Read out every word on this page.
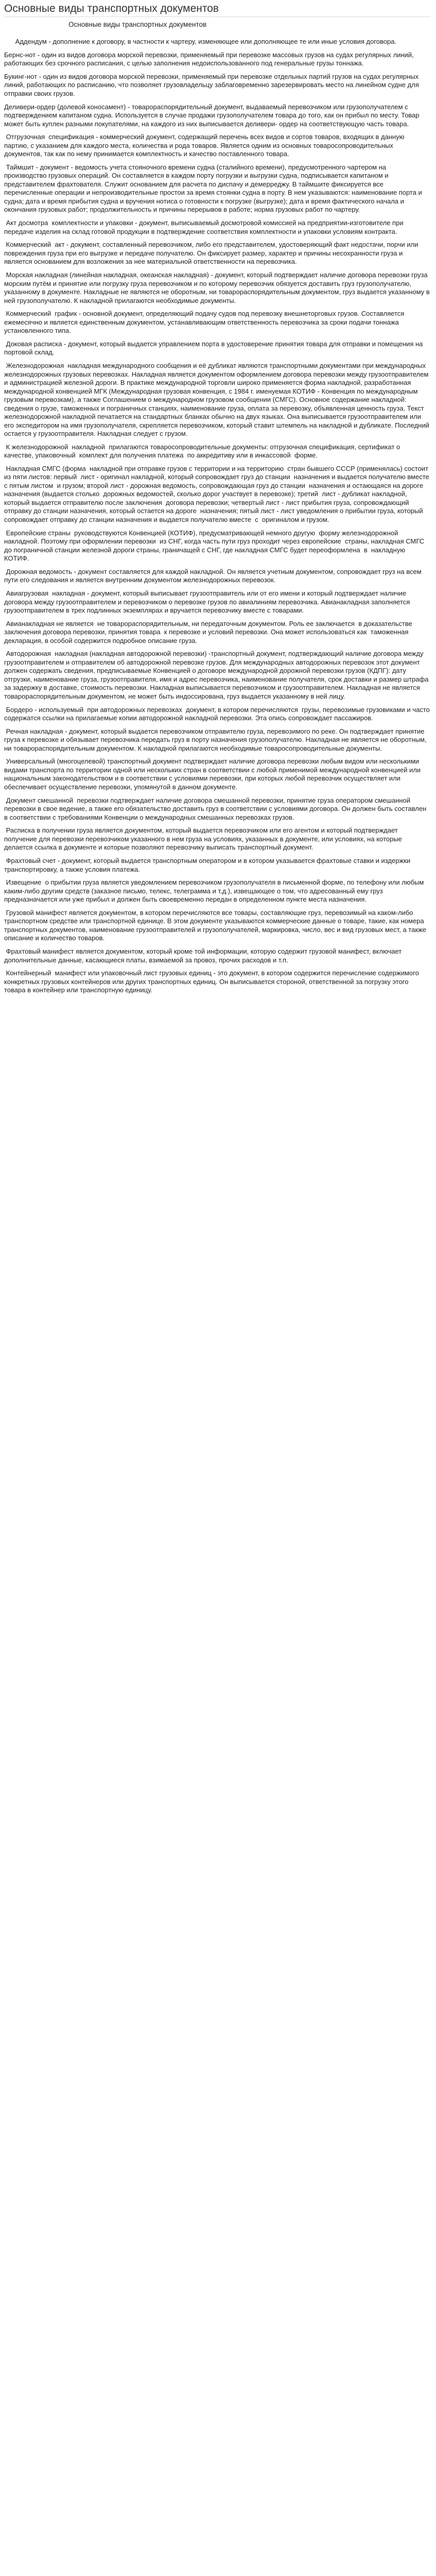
Основные виды транспортных документов
Основные виды транспортных документов

Аддендум - дополнение к договору, в частности к чартеру, изменяющее или дополняющее те или иные условия договора.

Бернс-нот - один из видов договора морской перевозки, применяемый при перевозке массовых грузов на судах регулярных линий, работающих без срочного расписания, с целью заполнения недоиспользованного под генеральные грузы тоннажа.

Букинг-нот - один из видов договора морской перевозки, применяемый при перевозке отдельных партий грузов на судах регулярных линий, работающих по расписанию, что позволяет грузовладельцу заблаговременно зарезервировать место на линейном судне для отправки своих грузов.

Деливери-ордер (долевой коносамент) - товарораспорядительный документ, выдаваемый перевозчиком или грузополучателем с подтверждением капитаном судна. Используется в случае продажи грузополучателем товара до того, как он прибыл по месту. Товар может быть куплен разными покупателями, на каждого из них выписывается деливери- ордер на соответствующую часть товара.

Отгрузочная  спецификация - коммерческий документ, содержащий перечень всех видов и сортов товаров, входящих в данную партию, с указанием для каждого места, количества и рода товаров. Является одним из основных товаросопроводительных документов, так как по нему принимается комплектность и качество поставленного товара.

Таймшит - документ - ведомость учета стояночного времени судна (сталийного времени), предусмотренного чартером на производство грузовых операций. Он составляется в каждом порту погрузки и выгрузки судна, подписывается капитаном и представителем фрахтователя. Служит основанием для расчета по диспачу и демерреджу. В таймшите фиксируется все перечисленные операции и непроизводительные простои за время стоянки судна в порту. В нем указываются: наименование порта и судна; дата и время прибытия судна и вручения нотиса о готовности к погрузке (выгрузке); дата и время фактического начала и окончания грузовых работ; продолжительность и причины перерывов в работе; норма грузовых работ по чартеру.

Акт досмотра  комплектности и упаковки - документ, выписываемый досмотровой комиссией на предприятии-изготовителе при передаче изделия на склад готовой продукции в подтверждение соответствия комплектности и упаковки условиям контракта.

Коммерческий  акт - документ, составленный перевозчиком, либо его представителем, удостоверяющий факт недостачи, порчи или повреждения груза при его выгрузке и передаче получателю. Он фиксирует размер, характер и причины несохранности груза и является основанием для возложения за нее материальной ответственности на перевозчика.

Морская накладная (линейная накладная, океанская накладная) - документ, который подтверждает наличие договора перевозки груза морским путём и принятие или погрузку груза перевозчиком и по которому перевозчик обязуется доставить груз грузополучателю, указанному в документе. Накладные не являются не оборотным, ни товарораспорядительным документом, груз выдается указанному в ней грузополучателю. К накладной прилагаются необходимые документы.

Коммерческий  график - основной документ, определяющий подачу судов под перевозку внешнеторговых грузов. Составляется ежемесячно и является единственным документом, устанавливающим ответственность перевозчика за сроки подачи тоннажа установленного типа.

Доковая расписка - документ, который выдается управлением порта в удостоверение принятия товара для отправки и помещения на портовой склад.

Железнодорожная  накладная международного сообщения и её дубликат являются транспортными документами при международных железнодорожных грузовых перевозках. Накладная является документом оформлением договора перевозки между грузоотправителем и администрацией железной дороги. В практике международной торговли широко применяется форма накладной, разработанная международной конвенцией МГК (Международная грузовая конвенция, с 1984 г. именуемая КОТИФ - Конвенция по международным грузовым перевозкам), а также Соглашением о международном грузовом сообщении (СМГС). Основное содержание накладной: сведения о грузе, таможенных и пограничных станциях, наименование груза, оплата за перевозку, объявленная ценность груза. Текст железнодорожной накладной печатается на стандартных бланках обычно на двух языках. Она выписывается грузоотправителем или его экспедитором на имя грузополучателя, скрепляется перевозчиком, который ставит штемпель на накладной и дубликате. Последний остается у грузоотправителя. Накладная следует с грузом.

К железнодорожной  накладной  прилагаются товаросопроводительные документы: отгрузочная спецификация, сертификат о качестве, упаковочный  комплект для получения платежа  по аккредитиву или в инкассовой  форме.

Накладная СМГС (форма  накладной при отправке грузов с территории и на территорию  стран бывшего СССР (применялась) состоит из пяти листов: первый  лист - оригинал накладной, который сопровождает груз до станции  назначения и выдается получателю вместе с пятым листом  и грузом; второй лист - дорожная ведомость, сопровождающая груз до станции  назначения и остающаяся на дороге назначения (выдается столько  дорожных ведомостей, сколько дорог участвует в перевозке); третий  лист - дубликат накладной, который выдается отправителю после заключения  договора перевозки; четвертый лист - лист прибытия груза, сопровождающий отправку до станции назначения, который остается на дороге  назначения; пятый лист - лист уведомления о прибытии груза, который  сопровождает отправку до станции назначения и выдается получателю вместе  с  оригиналом и грузом.

Европейские страны  руководствуются Конвенцией (КОТИФ), предусматривающей немного другую  форму железнодорожной накладной. Поэтому при оформлении перевозки  из СНГ, когда часть пути груз проходит через европейские  страны, накладная СМГС до пограничной станции железной дороги страны, граничащей с СНГ, где накладная СМГС будет переоформлена  в  накладную КОТИФ.

Дорожная ведомость - документ составляется для каждой накладной. Он является учетным документом, сопровождает груз на всем пути его следования и является внутренним документом железнодорожных перевозок.

Авиагрузовая  накладная - документ, который выписывает грузоотправитель или от его имени и который подтверждает наличие договора между грузоотправителем и перевозчиком о перевозке грузов по авиалиниям перевозчика. Авианакладная заполняется грузоотправителем в трех подлинных экземплярах и вручается перевозчику вместе с товарами.

Авианакладная не является  не товарораспорядительным, ни передаточным документом. Роль ее заключается  в доказательстве заключения договора перевозки, принятия товара  к перевозке и условий перевозки. Она может использоваться как  таможенная декларация, в особой содержится подробное описание груза.

Автодорожная  накладная (накладная автодорожной перевозки) -транспортный документ, подтверждающий наличие договора между грузоотправителем и отправителем об автодорожной перевозке грузов. Для международных автодорожных перевозок этот документ должен содержать сведения, предписываемые Конвенцией о договоре международной дорожной перевозки грузов (КДПГ): дату отгрузки, наименование груза, грузоотправителя, имя и адрес перевозчика, наименование получателя, срок доставки и размер штрафа за задержку в доставке, стоимость перевозки. Накладная выписывается перевозчиком и грузоотправителем. Накладная не является товарораспорядительным документом, не может быть индоссирована, груз выдается указанному в ней лицу.

Бордеро - используемый  при автодорожных перевозках  документ, в котором перечисляются  грузы, перевозимые грузовиками и часто содержатся ссылки на прилагаемые копии автодорожной накладной перевозки. Эта опись сопровождает пассажиров.

Речная накладная - документ, который выдается перевозчиком отправителю груза, перевозимого по реке. Он подтверждает принятие груза к перевозке и обязывает перевозчика передать груз в порту назначения грузополучателю. Накладная не является не оборотным, ни товарораспорядительным документом. К накладной прилагаются необходимые товаросопроводительные документы.

Универсальный (многоцелевой) транспортный документ подтверждает наличие договора перевозки любым видом или несколькими видами транспорта по территории одной или нескольких стран в соответствии с любой применимой международной конвенцией или национальным законодательством и в соответствии с условиями перевозки, при которых любой перевозчик осуществляет или обеспечивает осуществление перевозки, упомянутой в данном документе.

Документ смешанной  перевозки подтверждает наличие договора смешанной перевозки, принятие груза оператором смешанной перевозки в свое ведение, а также его обязательство доставить груз в соответствии с условиями договора. Он должен быть составлен в соответствии с требованиями Конвенции о международных смешанных перевозках грузов.

Расписка в получении груза является документом, который выдается перевозчиком или его агентом и который подтверждает получение для перевозки перевозчиком указанного в нем груза на условиях, указанных в документе, или условиях, на которые делается ссылка в документе и которые позволяют перевозчику выписать транспортный документ.

Фрахтовый счет - документ, который выдается транспортным оператором и в котором указывается фрахтовые ставки и издержки транспортировку, а также условия платежа.

Извещение  о прибытии груза является уведомлением перевозчиком грузополучателя в письменной форме, по телефону или любым каким-либо другим средств (заказное письмо, телекс, телеграмма и т.д.), извещающее о том, что адресованный ему груз предназначается или уже прибыл и должен быть своевременно передан в определенном пункте места назначения.

Грузовой манифест является документом, в котором перечисляются все товары, составляющие груз, перевозимый на каком-либо транспортном средстве или транспортной единице. В этом документе указываются коммерческие данные о товаре, такие, как номера транспортных документов, наименование грузоотправителей и грузополучателей, маркировка, число, вес и вид грузовых мест, а также описание и количество товаров.

Фрахтовый манифест является документом, который кроме той информации, которую содержит грузовой манифест, включает дополнительные данные, касающиеся платы, взимаемой за провоз, прочих расходов и т.п.

Контейнерный  манифест или упаковочный лист грузовых единиц - это документ, в котором содержится перечисление содержимого конкретных грузовых контейнеров или других транспортных единиц. Он выписывается стороной, ответственной за погрузку этого товара в контейнер или транспортную единицу.
